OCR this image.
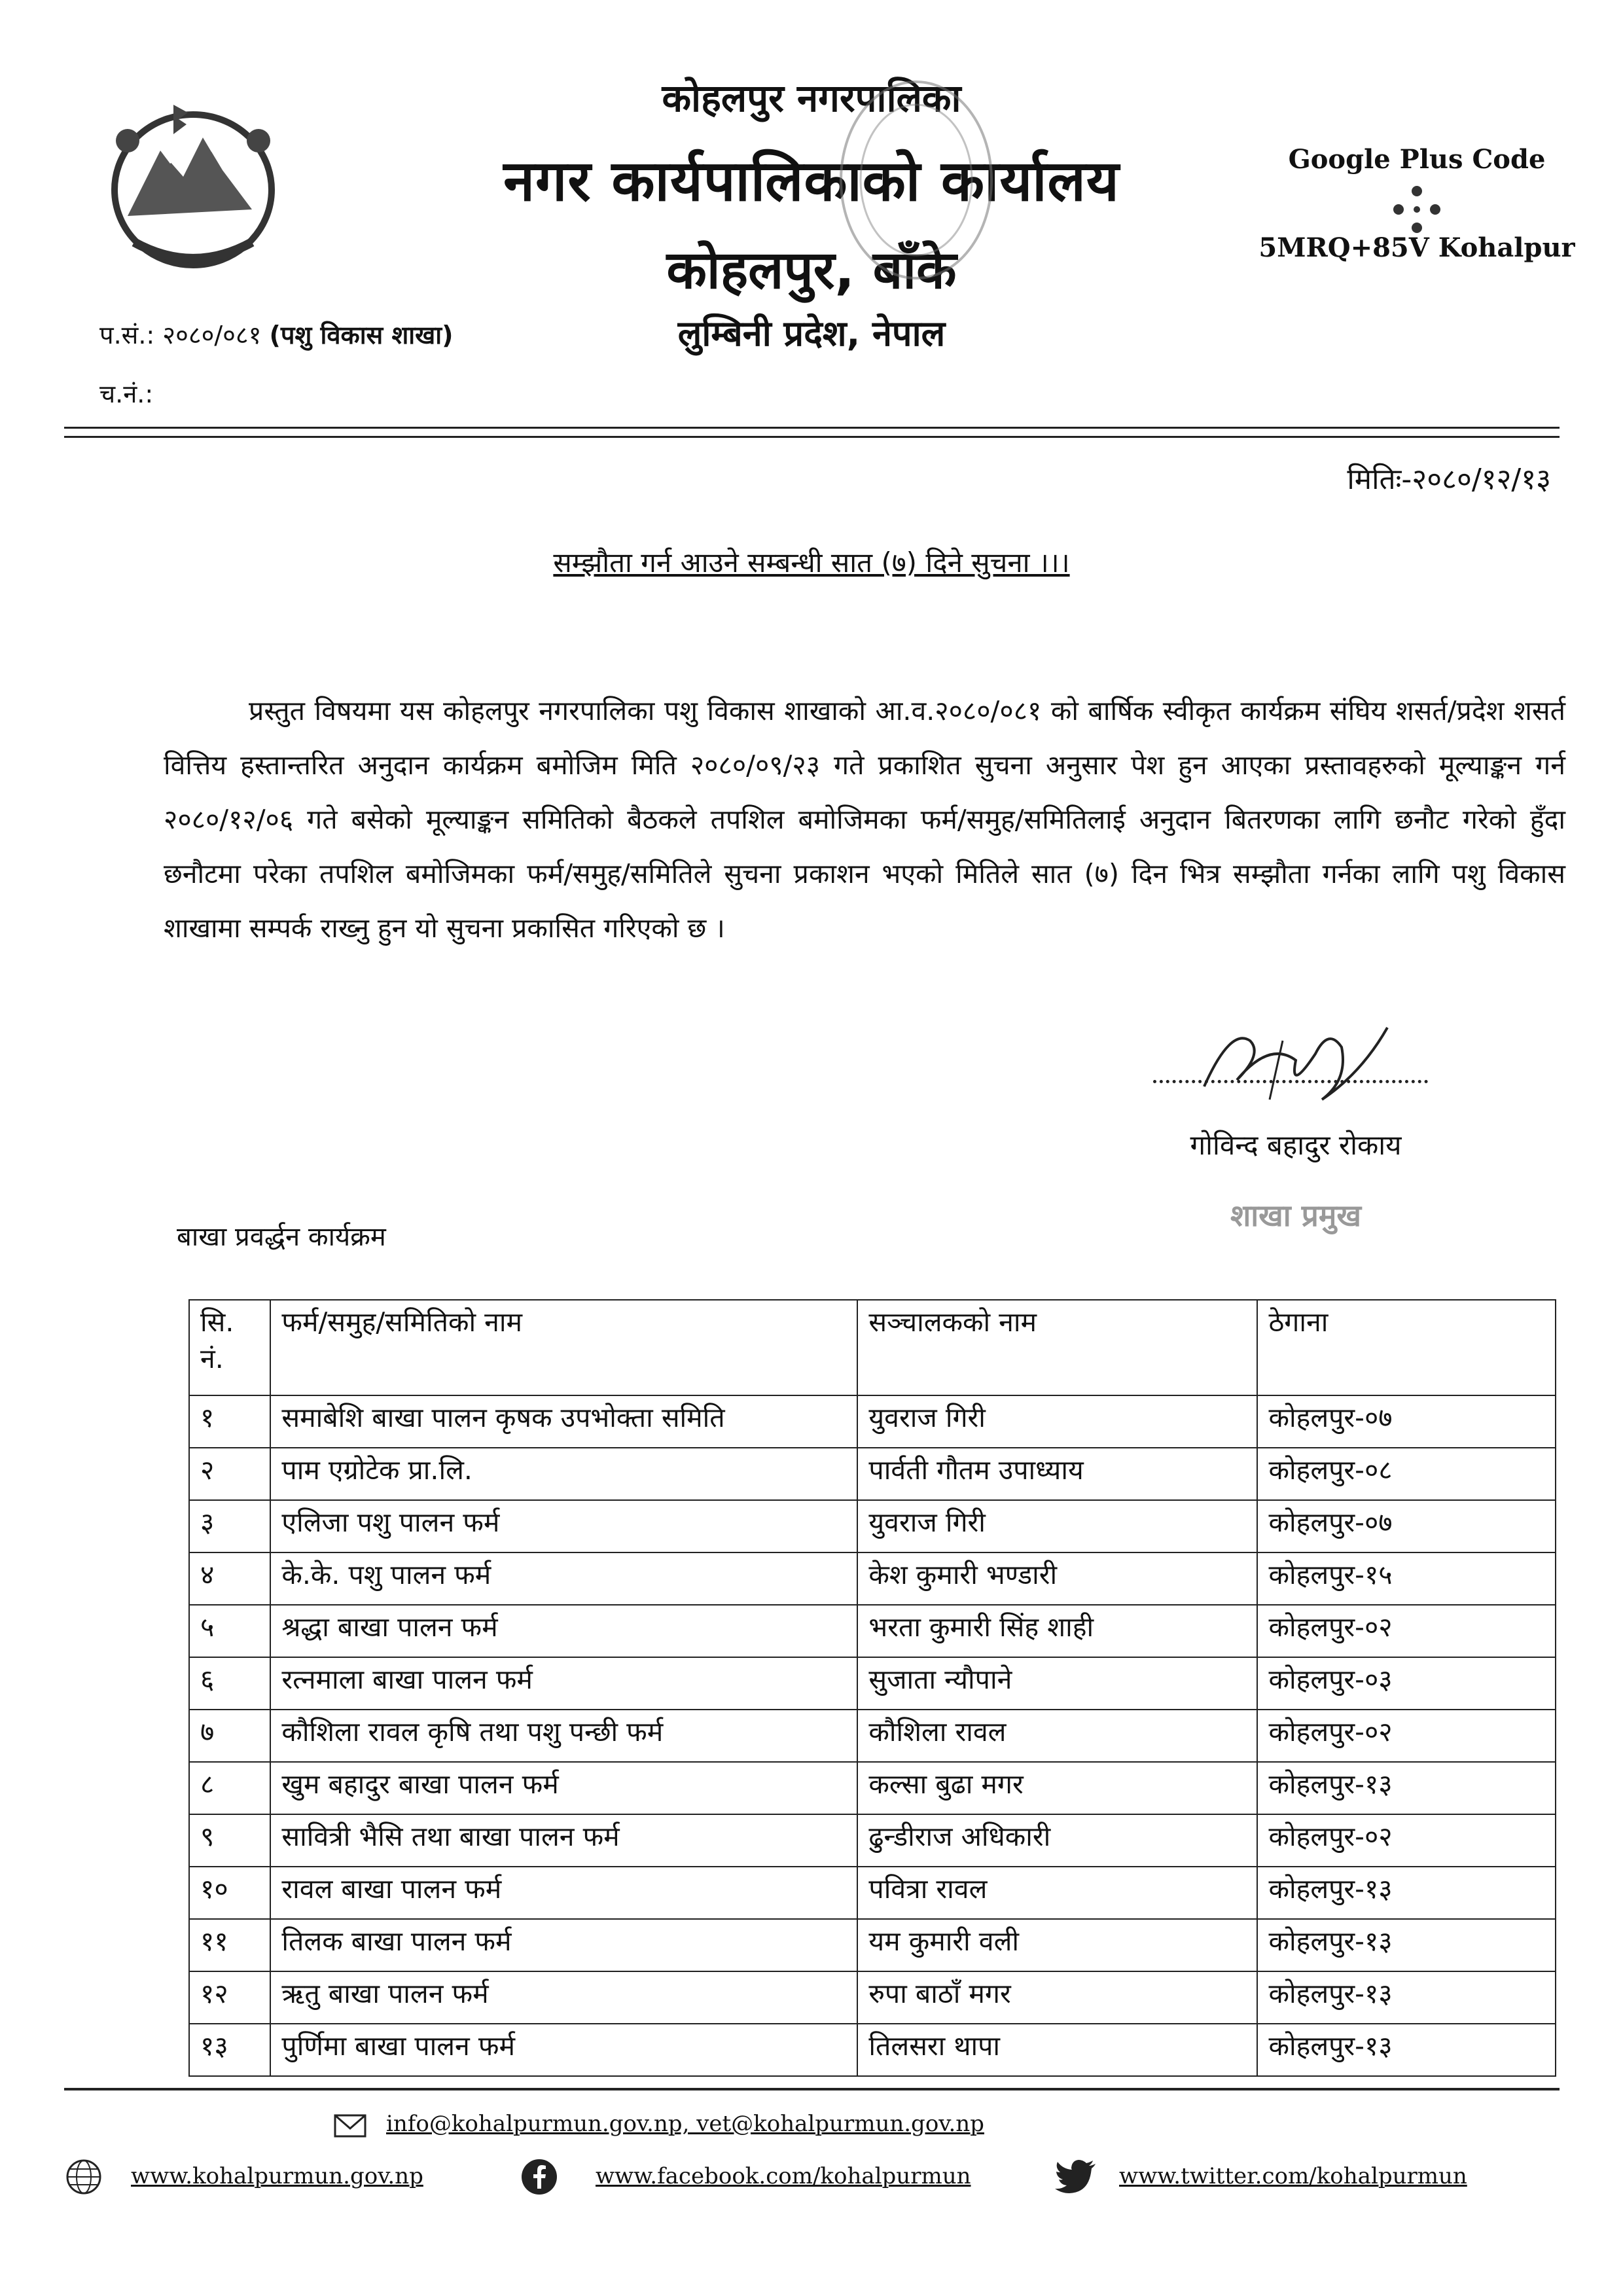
कोहलपुर नगरपालिका
नगर कार्यपालिकाको कार्यालय
कोहलपुर, बाँके
लुम्बिनी प्रदेश, नेपाल
Google Plus Code
5MRQ+85V Kohalpur
प.सं.: २०८०/०८१ (पशु विकास शाखा)
च.नं.:
मितिः-२०८०/१२/१३
सम्झौता गर्न आउने सम्बन्धी सात (७) दिने सुचना ।।।
प्रस्तुत विषयमा यस कोहलपुर नगरपालिका पशु विकास शाखाको आ.व.२०८०/०८१ को बार्षिक स्वीकृत कार्यक्रम संघिय शसर्त/प्रदेश शसर्त वित्तिय हस्तान्तरित अनुदान कार्यक्रम बमोजिम मिति २०८०/०९/२३ गते प्रकाशित सुचना अनुसार पेश हुन आएका प्रस्तावहरुको मूल्याङ्कन गर्न २०८०/१२/०६ गते बसेको मूल्याङ्कन समितिको बैठकले तपशिल बमोजिमका फर्म/समुह/समितिलाई अनुदान बितरणका लागि छनौट गरेको हुँदा छनौटमा परेका तपशिल बमोजिमका फर्म/समुह/समितिले सुचना प्रकाशन भएको मितिले सात (७) दिन भित्र सम्झौता गर्नका लागि पशु विकास शाखामा सम्पर्क राख्नु हुन यो सुचना प्रकासित गरिएको छ ।
गोविन्द बहादुर रोकाय
शाखा प्रमुख
बाखा प्रवर्द्धन कार्यक्रम
सि. नं.	फर्म/समुह/समितिको नाम	सञ्चालकको नाम	ठेगाना
१	समाबेशि बाखा पालन कृषक उपभोक्ता समिति	युवराज गिरी	कोहलपुर-०७
२	पाम एग्रोटेक प्रा.लि.	पार्वती गौतम उपाध्याय	कोहलपुर-०८
३	एलिजा पशु पालन फर्म	युवराज गिरी	कोहलपुर-०७
४	के.के. पशु पालन फर्म	केश कुमारी भण्डारी	कोहलपुर-१५
५	श्रद्धा बाखा पालन फर्म	भरता कुमारी सिंह शाही	कोहलपुर-०२
६	रत्नमाला बाखा पालन फर्म	सुजाता न्यौपाने	कोहलपुर-०३
७	कौशिला रावल कृषि तथा पशु पन्छी फर्म	कौशिला रावल	कोहलपुर-०२
८	खुम बहादुर बाखा पालन फर्म	कल्सा बुढा मगर	कोहलपुर-१३
९	सावित्री भैसि तथा बाखा पालन फर्म	ढुन्डीराज अधिकारी	कोहलपुर-०२
१०	रावल बाखा पालन फर्म	पवित्रा रावल	कोहलपुर-१३
११	तिलक बाखा पालन फर्म	यम कुमारी वली	कोहलपुर-१३
१२	ऋतु बाखा पालन फर्म	रुपा बाठाँ मगर	कोहलपुर-१३
१३	पुर्णिमा बाखा पालन फर्म	तिलसरा थापा	कोहलपुर-१३
info@kohalpurmun.gov.np, vet@kohalpurmun.gov.np
www.kohalpurmun.gov.np	www.facebook.com/kohalpurmun	www.twitter.com/kohalpurmun
